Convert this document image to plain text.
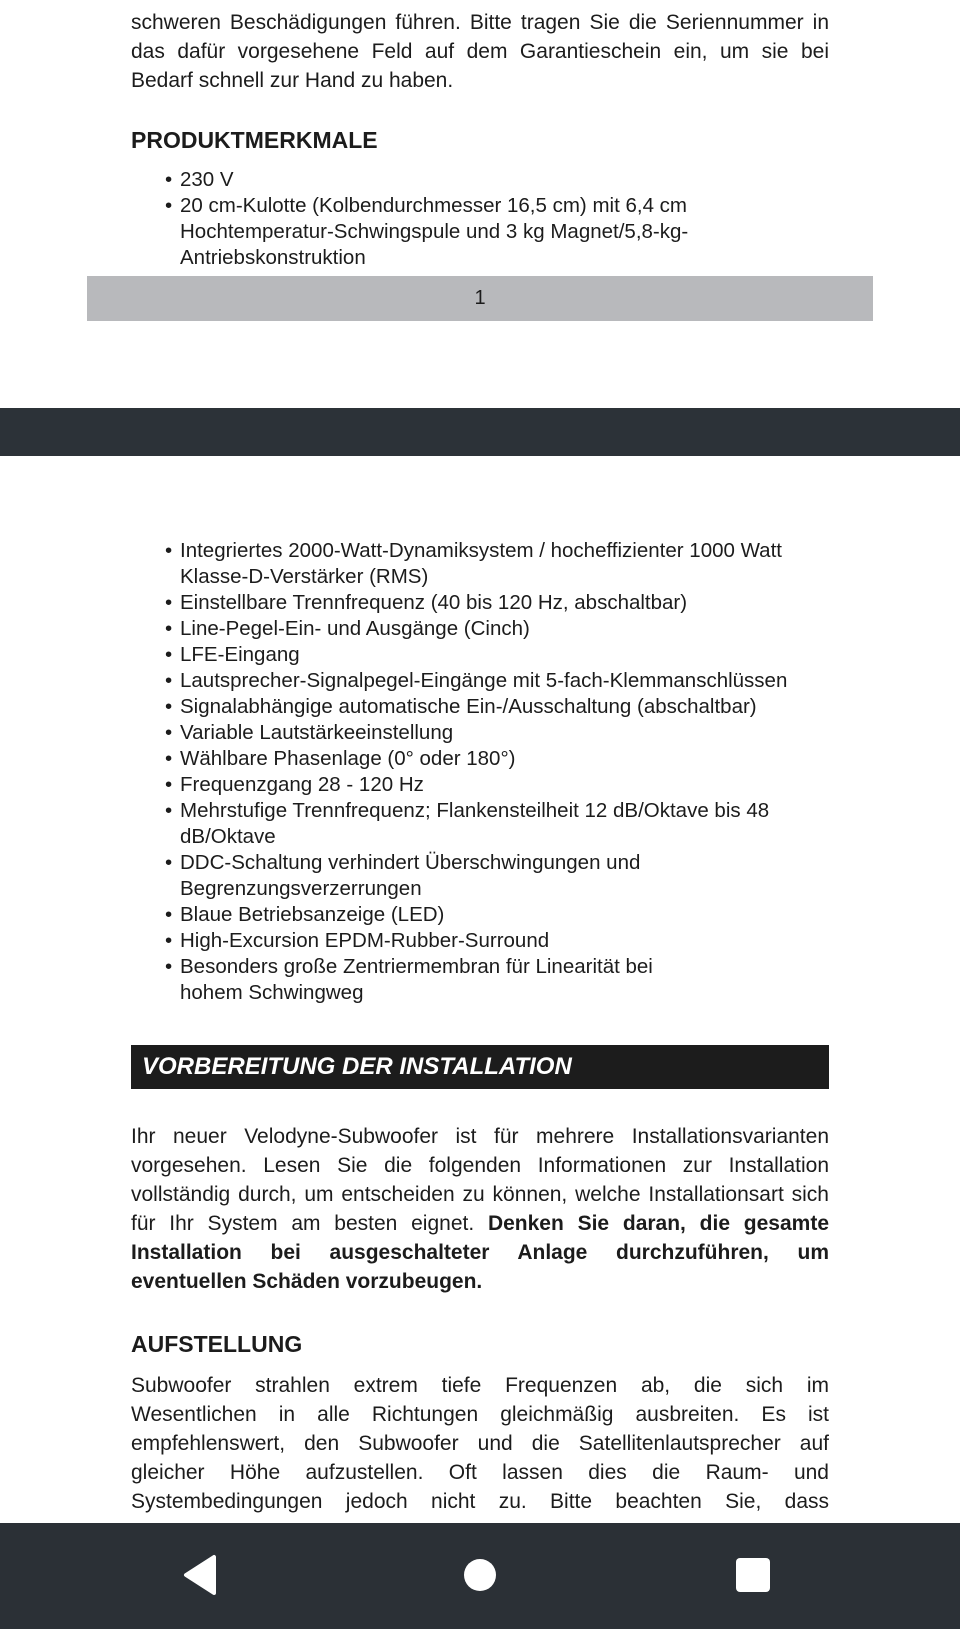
schweren Beschädigungen führen. Bitte tragen Sie die Seriennummer in
das dafür vorgesehene Feld auf dem Garantieschein ein, um sie bei
Bedarf schnell zur Hand zu haben.
PRODUKTMERKMALE
• 230 V
• 20 cm-Kulotte (Kolbendurchmesser 16,5 cm) mit 6,4 cm Hochtemperatur-Schwingspule und 3 kg Magnet/5,8-kg-Antriebskonstruktion
1
• Integriertes 2000-Watt-Dynamiksystem / hocheffizienter 1000 Watt Klasse-D-Verstärker (RMS)
• Einstellbare Trennfrequenz (40 bis 120 Hz, abschaltbar)
• Line-Pegel-Ein- und Ausgänge (Cinch)
• LFE-Eingang
• Lautsprecher-Signalpegel-Eingänge mit 5-fach-Klemmanschlüssen
• Signalabhängige automatische Ein-/Ausschaltung (abschaltbar)
• Variable Lautstärkeeinstellung
• Wählbare Phasenlage (0° oder 180°)
• Frequenzgang 28 - 120 Hz
• Mehrstufige Trennfrequenz; Flankensteilheit 12 dB/Oktave bis 48 dB/Oktave
• DDC-Schaltung verhindert Überschwingungen und Begrenzungsverzerrungen
• Blaue Betriebsanzeige (LED)
• High-Excursion EPDM-Rubber-Surround
• Besonders große Zentriermembran für Linearität bei hohem Schwingweg
VORBEREITUNG DER INSTALLATION

Ihr neuer Velodyne-Subwoofer ist für mehrere Installationsvarianten vorgesehen. Lesen Sie die folgenden Informationen zur Installation vollständig durch, um entscheiden zu können, welche Installationsart sich für Ihr System am besten eignet. Denken Sie daran, die gesamte Installation bei ausgeschalteter Anlage durchzuführen, um eventuellen Schäden vorzubeugen.

AUFSTELLUNG
Subwoofer strahlen extrem tiefe Frequenzen ab, die sich im
Wesentlichen in alle Richtungen gleichmäßig ausbreiten. Es ist
empfehlenswert, den Subwoofer und die Satellitenlautsprecher auf
gleicher Höhe aufzustellen. Oft lassen dies die Raum- und
Systembedingungen jedoch nicht zu. Bitte beachten Sie, dass
